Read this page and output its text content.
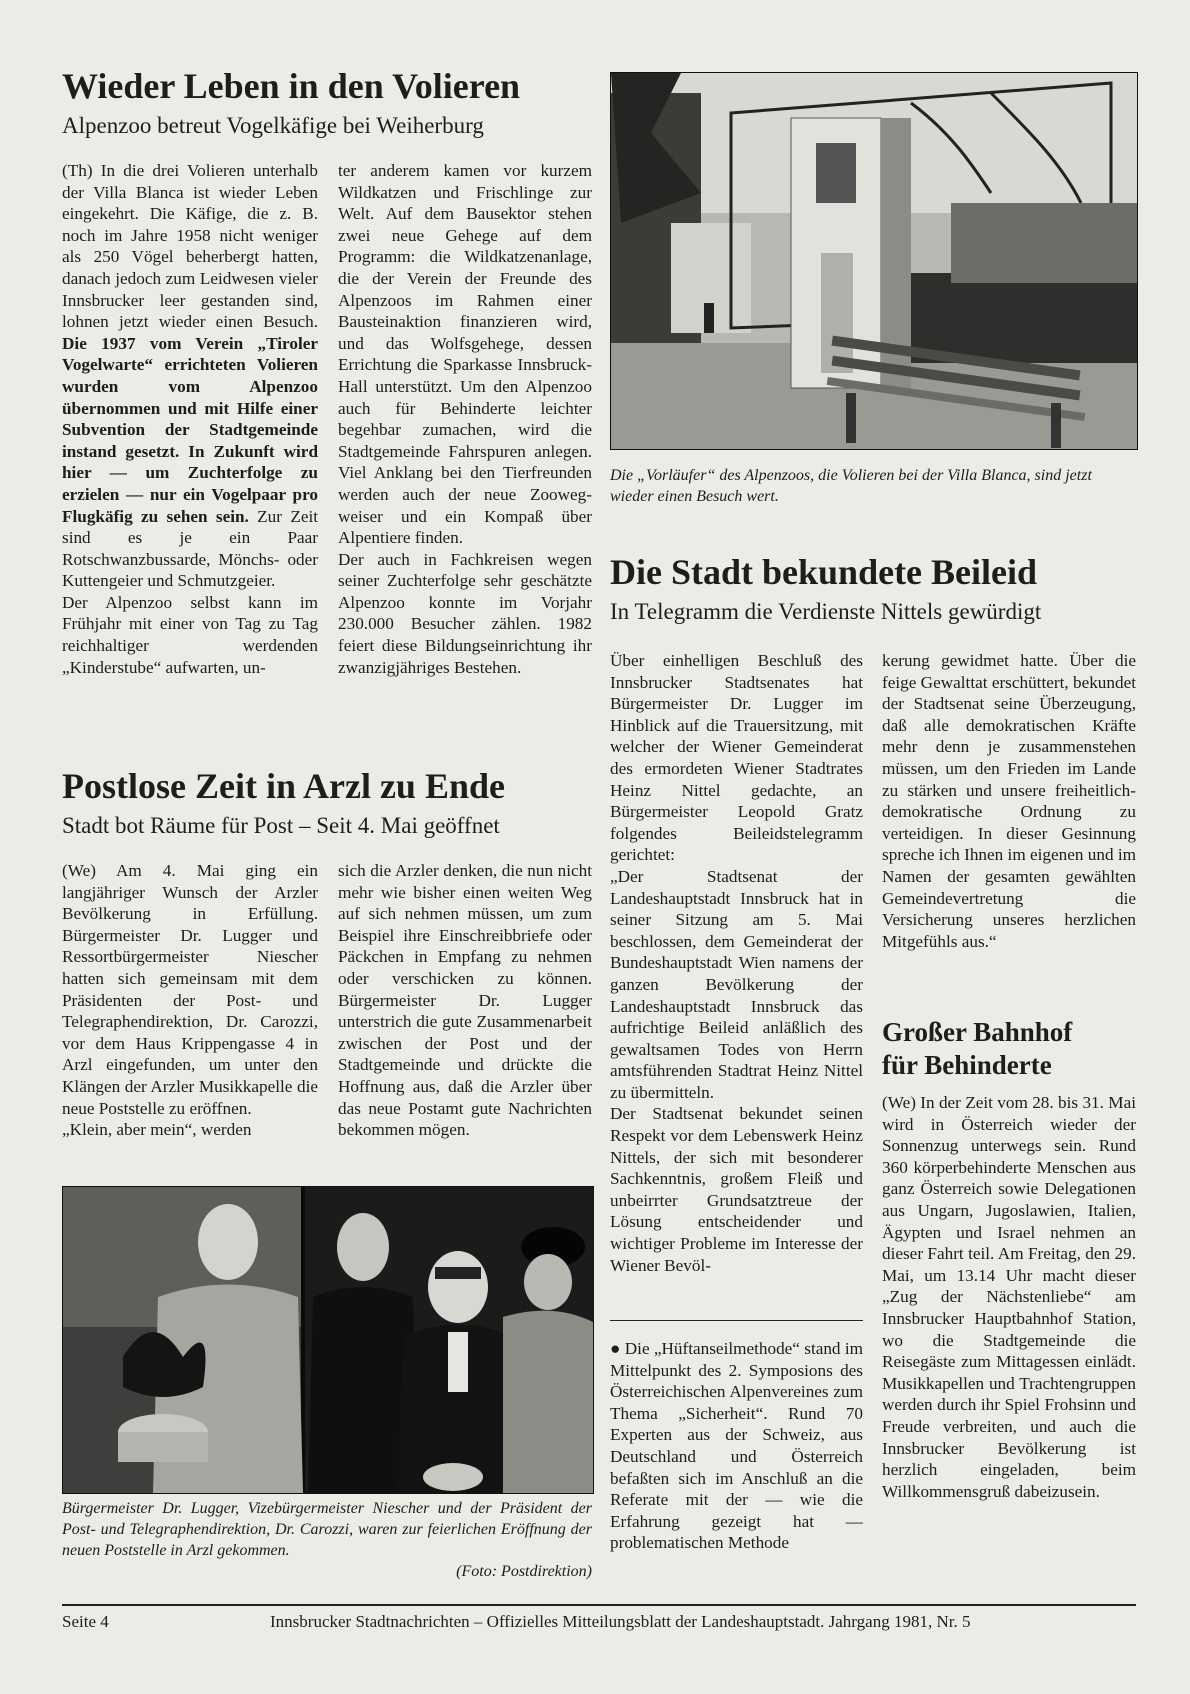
Wieder Leben in den Volieren
Alpenzoo betreut Vogelkäfige bei Weiherburg

(Th) In die drei Volieren unterhalb der Villa Blanca ist wieder Leben eingekehrt. Die Käfige, die z. B. noch im Jahre 1958 nicht weniger als 250 Vögel beherbergt hatten, danach jedoch zum Leidwesen vieler Innsbrucker leer gestanden sind, lohnen jetzt wieder einen Besuch. Die 1937 vom Verein „Tiroler Vogelwarte“ errichteten Volieren wurden vom Alpenzoo übernommen und mit Hilfe einer Subvention der Stadtgemeinde instand gesetzt. In Zukunft wird hier — um Zuchterfolge zu erzielen — nur ein Vogelpaar pro Flugkäfig zu sehen sein. Zur Zeit sind es je ein Paar Rotschwanzbussarde, Mönchs- oder Kuttengeier und Schmutzgeier.

Der Alpenzoo selbst kann im Frühjahr mit einer von Tag zu Tag reichhaltiger werdenden „Kinderstube“ aufwarten, un-

ter anderem kamen vor kurzem Wildkatzen und Frischlinge zur Welt. Auf dem Bausektor stehen zwei neue Gehege auf dem Programm: die Wildkatzenanlage, die der Verein der Freunde des Alpenzoos im Rahmen einer Bausteinaktion finanzieren wird, und das Wolfsgehege, dessen Errichtung die Sparkasse Innsbruck-Hall unterstützt. Um den Alpenzoo auch für Behinderte leichter begehbar zumachen, wird die Stadtgemeinde Fahrspuren anlegen. Viel Anklang bei den Tierfreunden werden auch der neue Zooweg-weiser und ein Kompaß über Alpentiere finden.

Der auch in Fachkreisen wegen seiner Zuchterfolge sehr geschätzte Alpenzoo konnte im Vorjahr 230.000 Besucher zählen. 1982 feiert diese Bildungseinrichtung ihr zwanzigjähriges Bestehen.

Die „Vorläufer“ des Alpenzoos, die Volieren bei der Villa Blanca, sind jetzt wieder einen Besuch wert.
Die Stadt bekundete Beileid
In Telegramm die Verdienste Nittels gewürdigt

Über einhelligen Beschluß des Innsbrucker Stadtsenates hat Bürgermeister Dr. Lugger im Hinblick auf die Trauersitzung, mit welcher der Wiener Gemeinderat des ermordeten Wiener Stadtrates Heinz Nittel gedachte, an Bürgermeister Leopold Gratz folgendes Beileidstelegramm gerichtet:

„Der Stadtsenat der Landeshauptstadt Innsbruck hat in seiner Sitzung am 5. Mai beschlossen, dem Gemeinderat der Bundeshauptstadt Wien namens der ganzen Bevölkerung der Landeshauptstadt Innsbruck das aufrichtige Beileid anläßlich des gewaltsamen Todes von Herrn amtsführenden Stadtrat Heinz Nittel zu übermitteln.

Der Stadtsenat bekundet seinen Respekt vor dem Lebenswerk Heinz Nittels, der sich mit besonderer Sachkenntnis, großem Fleiß und unbeirrter Grundsatztreue der Lösung entscheidender und wichtiger Probleme im Interesse der Wiener Bevöl-

kerung gewidmet hatte. Über die feige Gewalttat erschüttert, bekundet der Stadtsenat seine Überzeugung, daß alle demokratischen Kräfte mehr denn je zusammenstehen müssen, um den Frieden im Lande zu stärken und unsere freiheitlich-demokratische Ordnung zu verteidigen. In dieser Gesinnung spreche ich Ihnen im eigenen und im Namen der gesamten gewählten Gemeindevertretung die Versicherung unseres herzlichen Mitgefühls aus.“

● Die „Hüftanseilmethode“ stand im Mittelpunkt des 2. Symposions des Österreichischen Alpenvereines zum Thema „Sicherheit“. Rund 70 Experten aus der Schweiz, aus Deutschland und Österreich befaßten sich im Anschluß an die Referate mit der — wie die Erfahrung gezeigt hat — problematischen Methode

Großer Bahnhof
für Behinderte

(We) In der Zeit vom 28. bis 31. Mai wird in Österreich wieder der Sonnenzug unterwegs sein. Rund 360 körperbehinderte Menschen aus ganz Österreich sowie Delegationen aus Ungarn, Jugoslawien, Italien, Ägypten und Israel nehmen an dieser Fahrt teil. Am Freitag, den 29. Mai, um 13.14 Uhr macht dieser „Zug der Nächstenliebe“ am Innsbrucker Hauptbahnhof Station, wo die Stadtgemeinde die Reisegäste zum Mittagessen einlädt. Musikkapellen und Trachtengruppen werden durch ihr Spiel Frohsinn und Freude verbreiten, und auch die Innsbrucker Bevölkerung ist herzlich eingeladen, beim Willkommensgruß dabeizusein.

Postlose Zeit in Arzl zu Ende
Stadt bot Räume für Post – Seit 4. Mai geöffnet

(We) Am 4. Mai ging ein langjähriger Wunsch der Arzler Bevölkerung in Erfüllung. Bürgermeister Dr. Lugger und Ressortbürgermeister Niescher hatten sich gemeinsam mit dem Präsidenten der Post- und Telegraphendirektion, Dr. Carozzi, vor dem Haus Krippengasse 4 in Arzl eingefunden, um unter den Klängen der Arzler Musikkapelle die neue Poststelle zu eröffnen.

„Klein, aber mein“, werden

sich die Arzler denken, die nun nicht mehr wie bisher einen weiten Weg auf sich nehmen müssen, um zum Beispiel ihre Einschreibbriefe oder Päckchen in Empfang zu nehmen oder verschicken zu können. Bürgermeister Dr. Lugger unterstrich die gute Zusammenarbeit zwischen der Post und der Stadtgemeinde und drückte die Hoffnung aus, daß die Arzler über das neue Postamt gute Nachrichten bekommen mögen.

Bürgermeister Dr. Lugger, Vizebürgermeister Niescher und der Präsident der Post- und Telegraphendirektion, Dr. Carozzi, waren zur feierlichen Eröffnung der neuen Poststelle in Arzl gekommen.
(Foto: Postdirektion)
Seite 4	Innsbrucker Stadtnachrichten – Offizielles Mitteilungsblatt der Landeshauptstadt. Jahrgang 1981, Nr. 5
